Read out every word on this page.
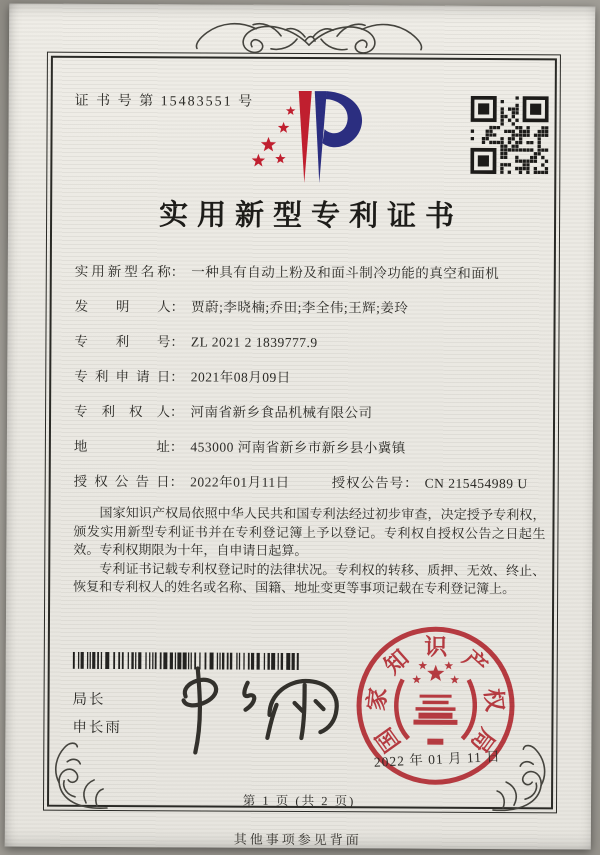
证 书 号 第 15483551 号
实用新型专利证书
实用新型名称： 一种具有自动上粉及和面斗制冷功能的真空和面机
发明人： 贾蔚;李晓楠;乔田;李全伟;王辉;姜玲
专利号： ZL 2021 2 1839777.9
专利申请日： 2021年08月09日
专利权人： 河南省新乡食品机械有限公司
地址： 453000 河南省新乡市新乡县小冀镇
授权公告日： 2022年01月11日	授权公告号： CN 215454989 U

国家知识产权局依照中华人民共和国专利法经过初步审查，决定授予专利权，颁发实用新型专利证书并在专利登记簿上予以登记。专利权自授权公告之日起生效。专利权期限为十年，自申请日起算。

专利证书记载专利权登记时的法律状况。专利权的转移、质押、无效、终止、恢复和专利权人的姓名或名称、国籍、地址变更等事项记载在专利登记簿上。

局长
申长雨	国
家
知 识 产
权
局
2022 年 01 月 11 日
第 1 页 (共 2 页)
其他事项参见背面
